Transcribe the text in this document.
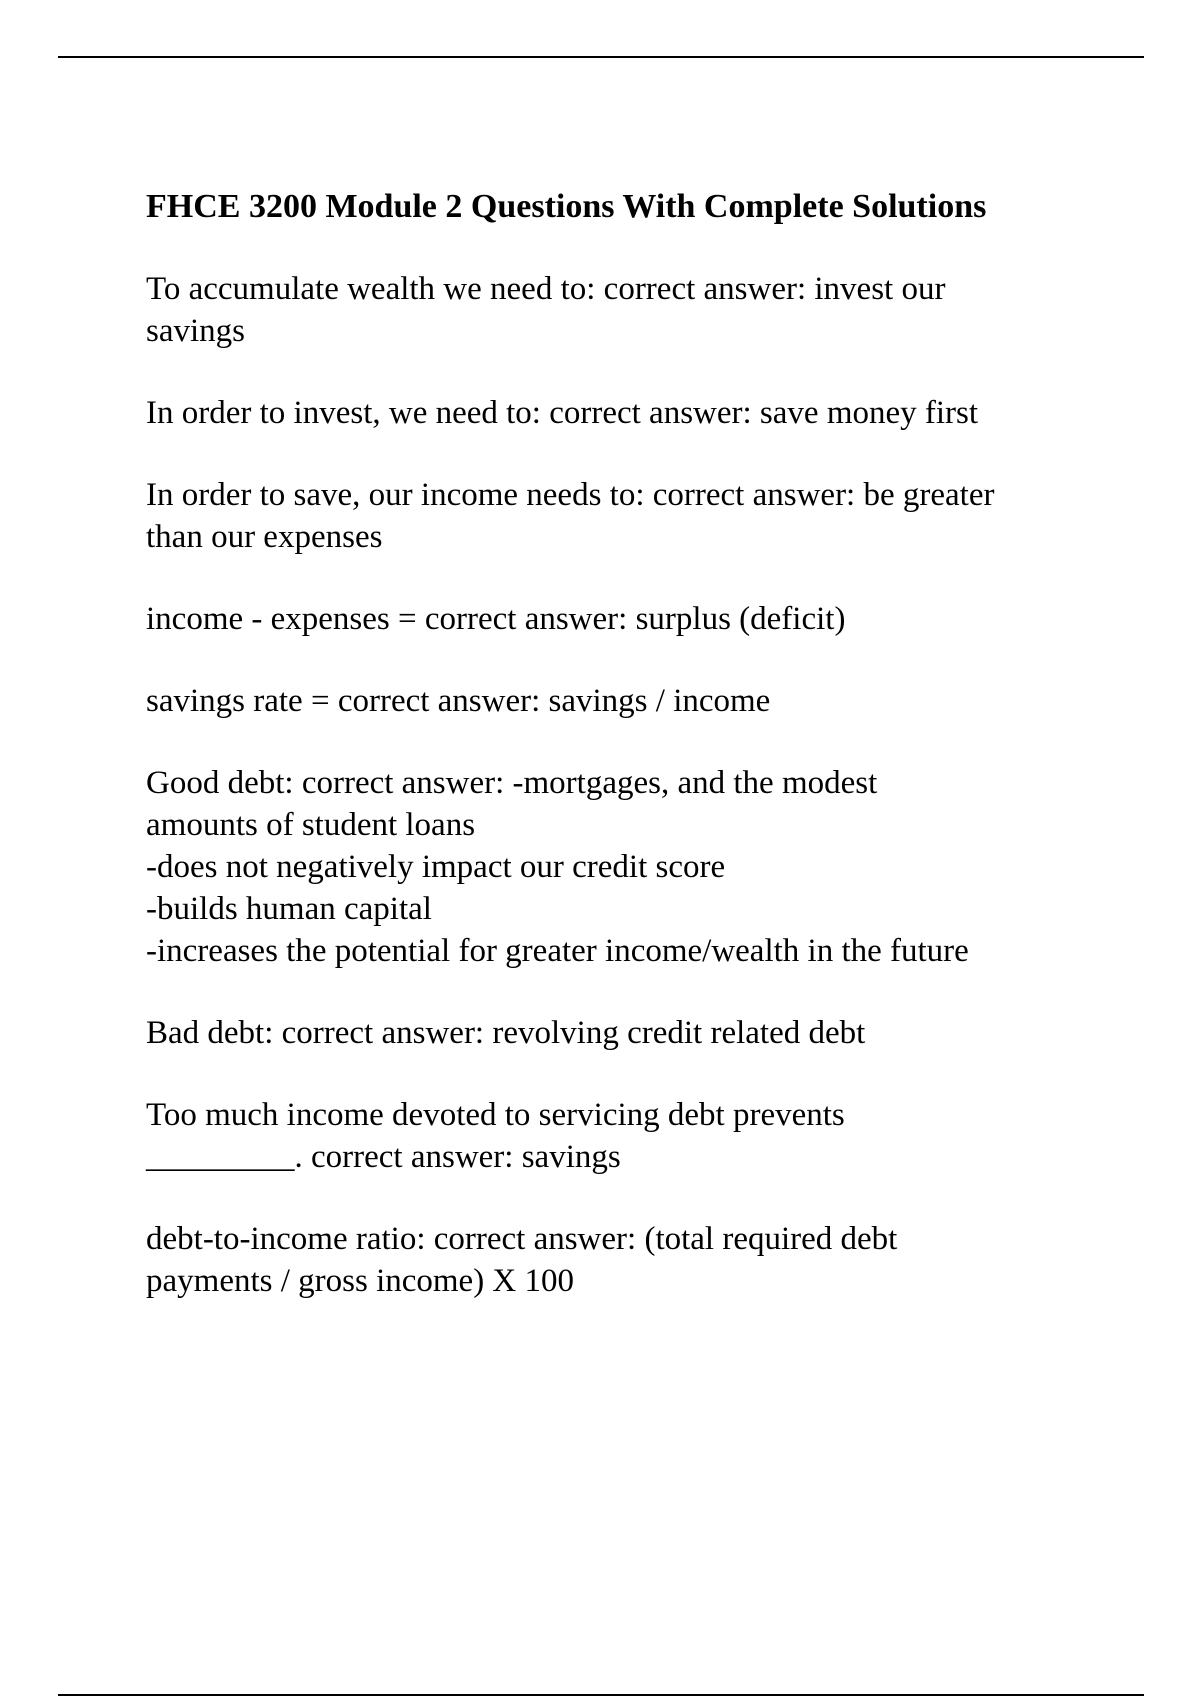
FHCE 3200 Module 2 Questions With Complete Solutions
To accumulate wealth we need to: correct answer: invest our
savings
In order to invest, we need to: correct answer: save money first
In order to save, our income needs to: correct answer: be greater
than our expenses
income - expenses = correct answer: surplus (deficit)
savings rate = correct answer: savings / income
Good debt: correct answer: -mortgages, and the modest
amounts of student loans
-does not negatively impact our credit score
-builds human capital
-increases the potential for greater income/wealth in the future
Bad debt: correct answer: revolving credit related debt
Too much income devoted to servicing debt prevents
_________. correct answer: savings
debt-to-income ratio: correct answer: (total required debt
payments / gross income) X 100
